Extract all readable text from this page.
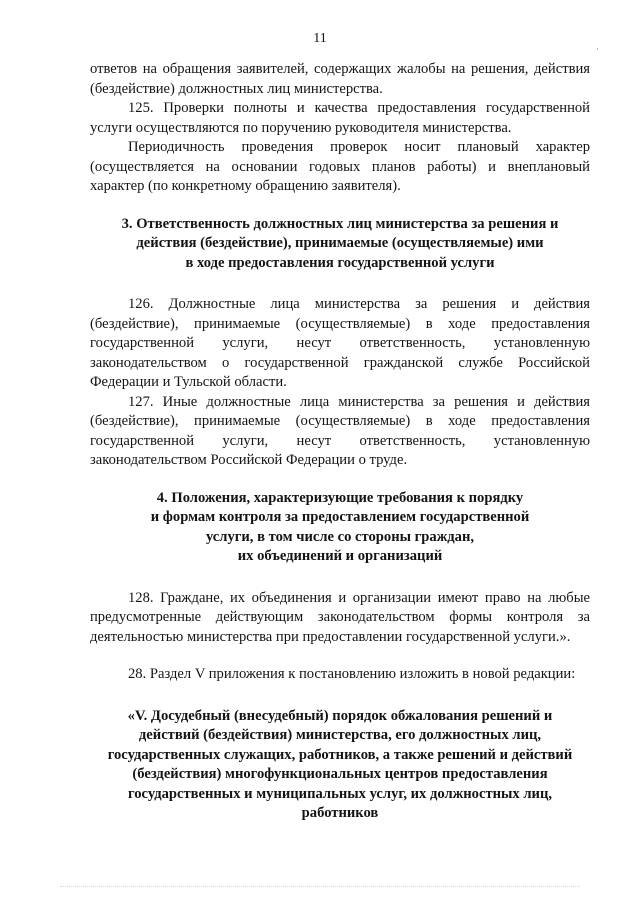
11

ответов на обращения заявителей, содержащих жалобы на решения, действия
(бездействие) должностных лиц министерства.

125. Проверки полноты и качества предоставления государственной
услуги осуществляются по поручению руководителя министерства.

Периодичность проведения проверок носит плановый характер
(осуществляется на основании годовых планов работы) и внеплановый
характер (по конкретному обращению заявителя).

3. Ответственность должностных лиц министерства за решения и
действия (бездействие), принимаемые (осуществляемые) ими
в ходе предоставления государственной услуги

126. Должностные лица министерства за решения и действия
(бездействие), принимаемые (осуществляемые) в ходе предоставления
государственной услуги, несут ответственность, установленную
законодательством о государственной гражданской службе Российской
Федерации и Тульской области.

127. Иные должностные лица министерства за решения и действия
(бездействие), принимаемые (осуществляемые) в ходе предоставления
государственной услуги, несут ответственность, установленную
законодательством Российской Федерации о труде.

4. Положения, характеризующие требования к порядку
и формам контроля за предоставлением государственной
услуги, в том числе со стороны граждан,
их объединений и организаций

128. Граждане, их объединения и организации имеют право на любые
предусмотренные действующим законодательством формы контроля за
деятельностью министерства при предоставлении государственной услуги.».

28. Раздел V приложения к постановлению изложить в новой редакции:

«V. Досудебный (внесудебный) порядок обжалования решений и
действий (бездействия) министерства, его должностных лиц,
государственных служащих, работников, а также решений и действий
(бездействия) многофункциональных центров предоставления
государственных и муниципальных услуг, их должностных лиц,
работников
